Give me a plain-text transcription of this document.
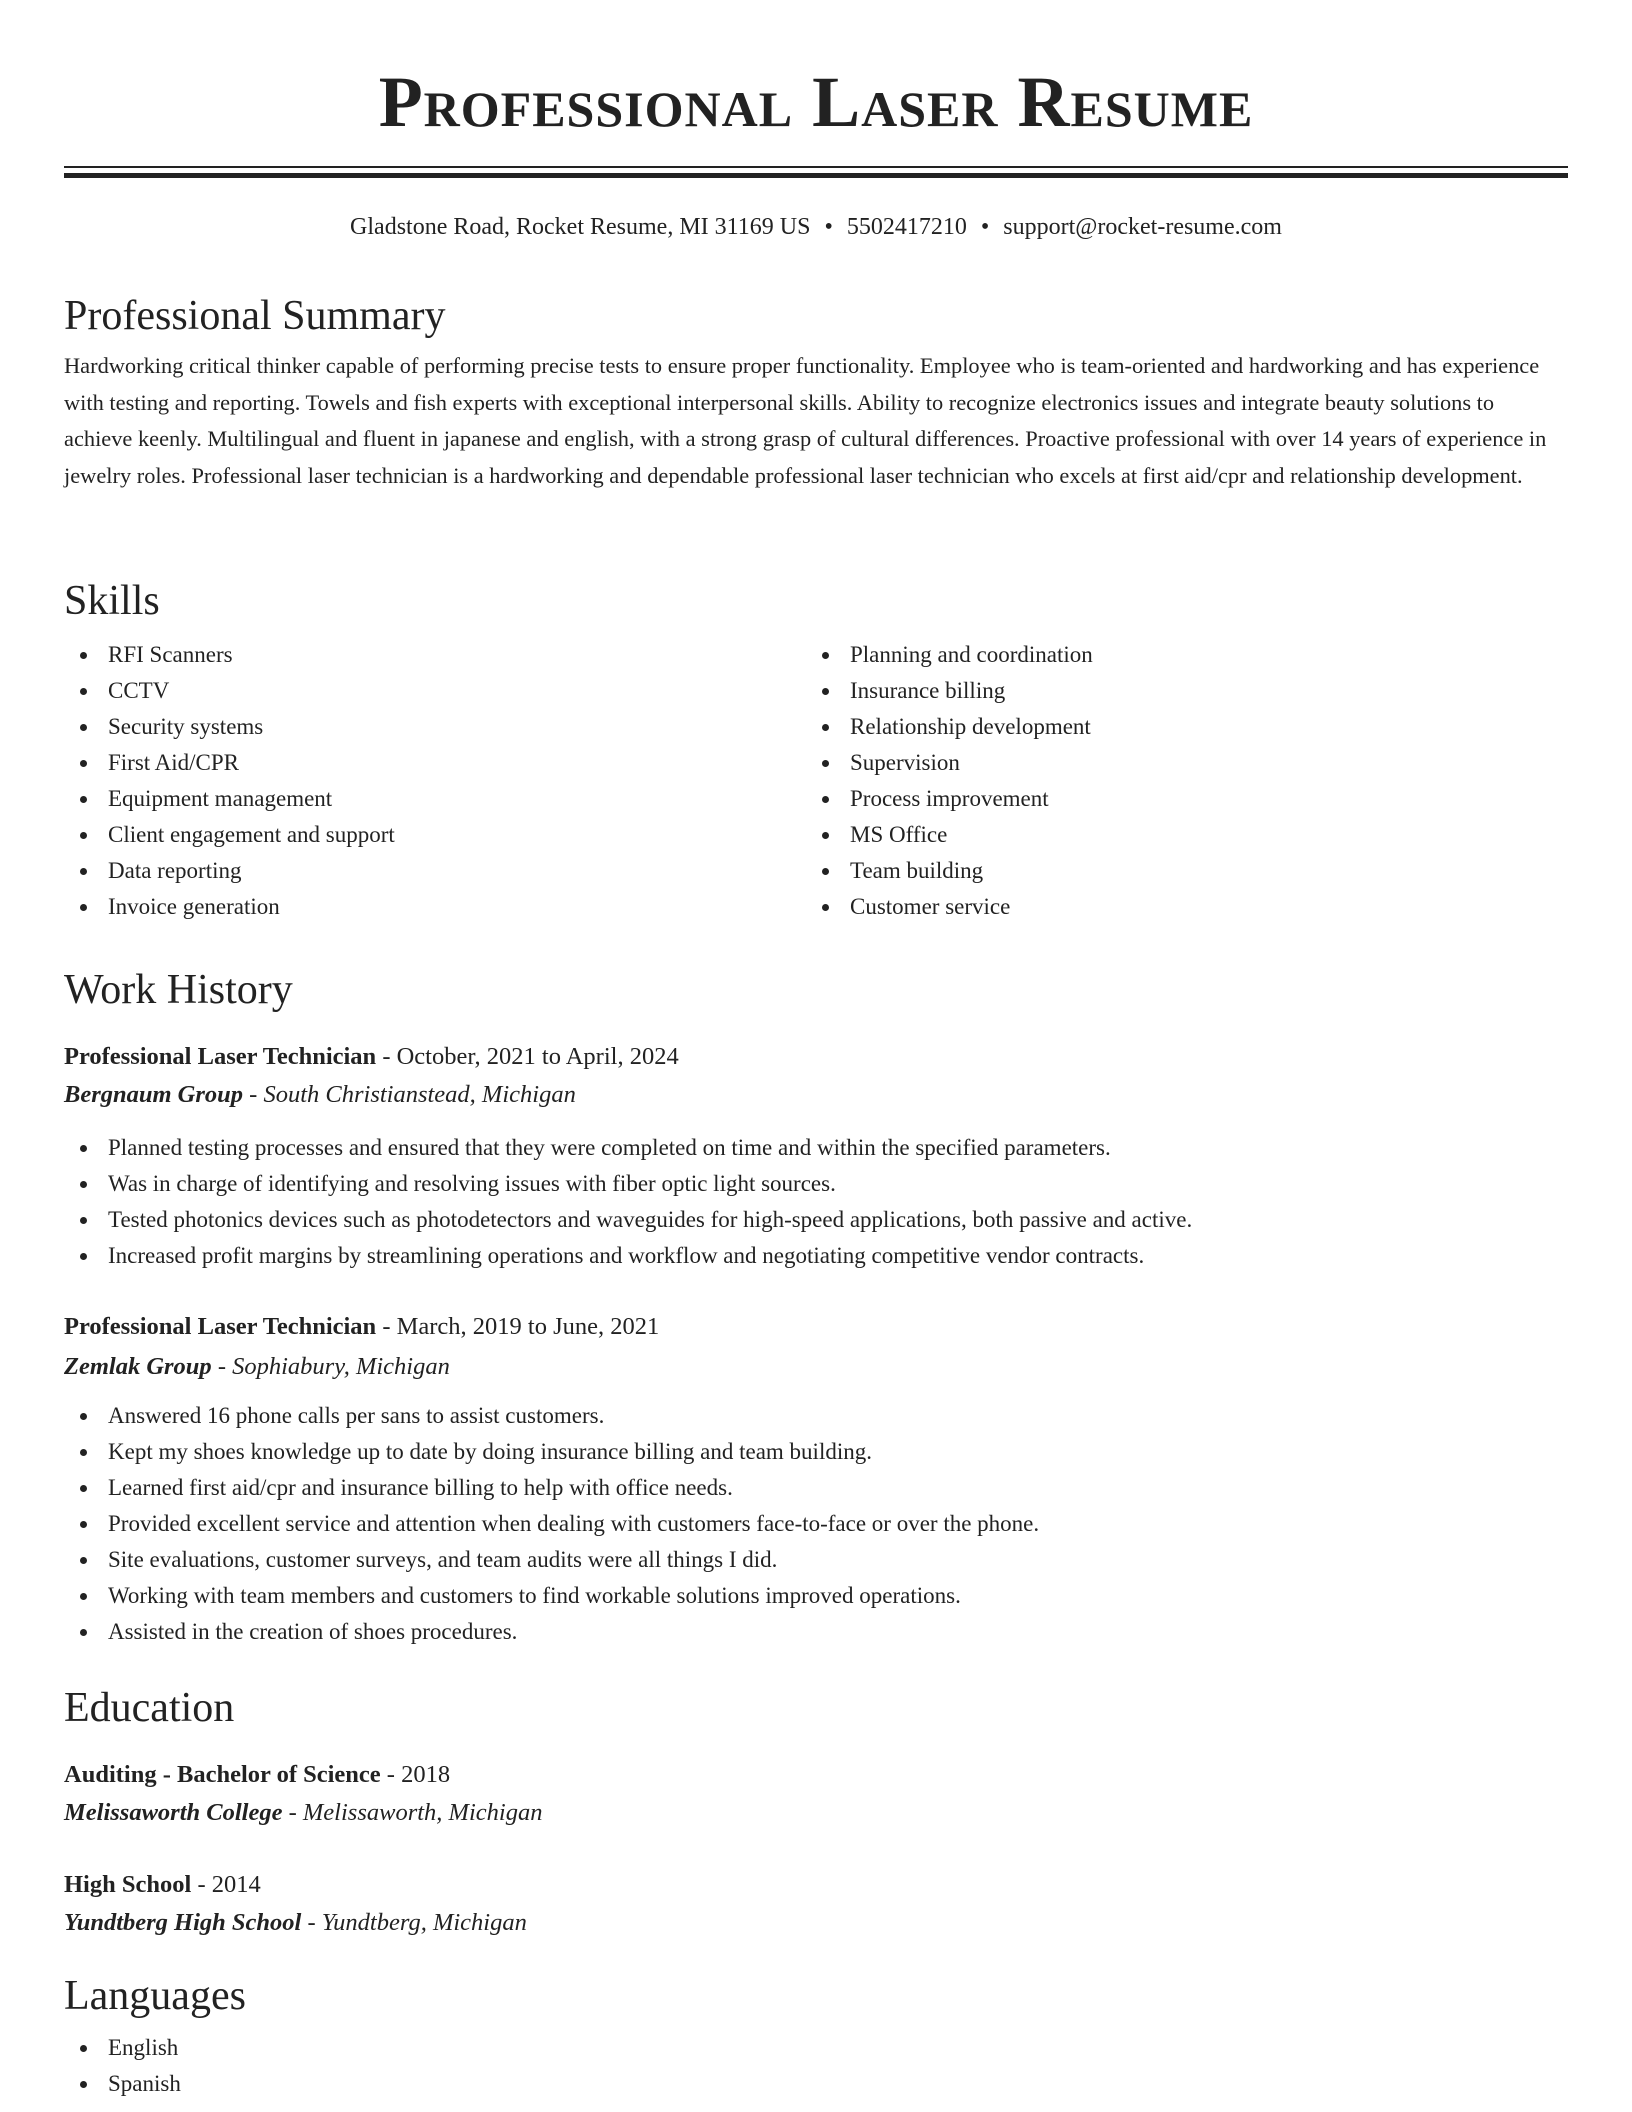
Professional Laser Resume
Gladstone Road, Rocket Resume, MI 31169 US • 5502417210 • support@rocket-resume.com
Professional Summary

Hardworking critical thinker capable of performing precise tests to ensure proper functionality. Employee who is team-oriented and hardworking and has experience with testing and reporting. Towels and fish experts with exceptional interpersonal skills. Ability to recognize electronics issues and integrate beauty solutions to achieve keenly. Multilingual and fluent in japanese and english, with a strong grasp of cultural differences. Proactive professional with over 14 years of experience in jewelry roles. Professional laser technician is a hardworking and dependable professional laser technician who excels at first aid/cpr and relationship development.

Skills
RFI Scanners
CCTV
Security systems
First Aid/CPR
Equipment management
Client engagement and support
Data reporting
Invoice generation
Planning and coordination
Insurance billing
Relationship development
Supervision
Process improvement
MS Office
Team building
Customer service
Work History
Professional Laser Technician - October, 2021 to April, 2024
Bergnaum Group - South Christianstead, Michigan
Planned testing processes and ensured that they were completed on time and within the specified parameters.
Was in charge of identifying and resolving issues with fiber optic light sources.
Tested photonics devices such as photodetectors and waveguides for high-speed applications, both passive and active.
Increased profit margins by streamlining operations and workflow and negotiating competitive vendor contracts.
Professional Laser Technician - March, 2019 to June, 2021
Zemlak Group - Sophiabury, Michigan
Answered 16 phone calls per sans to assist customers.
Kept my shoes knowledge up to date by doing insurance billing and team building.
Learned first aid/cpr and insurance billing to help with office needs.
Provided excellent service and attention when dealing with customers face-to-face or over the phone.
Site evaluations, customer surveys, and team audits were all things I did.
Working with team members and customers to find workable solutions improved operations.
Assisted in the creation of shoes procedures.
Education
Auditing - Bachelor of Science - 2018
Melissaworth College - Melissaworth, Michigan
High School - 2014
Yundtberg High School - Yundtberg, Michigan
Languages
English
Spanish
